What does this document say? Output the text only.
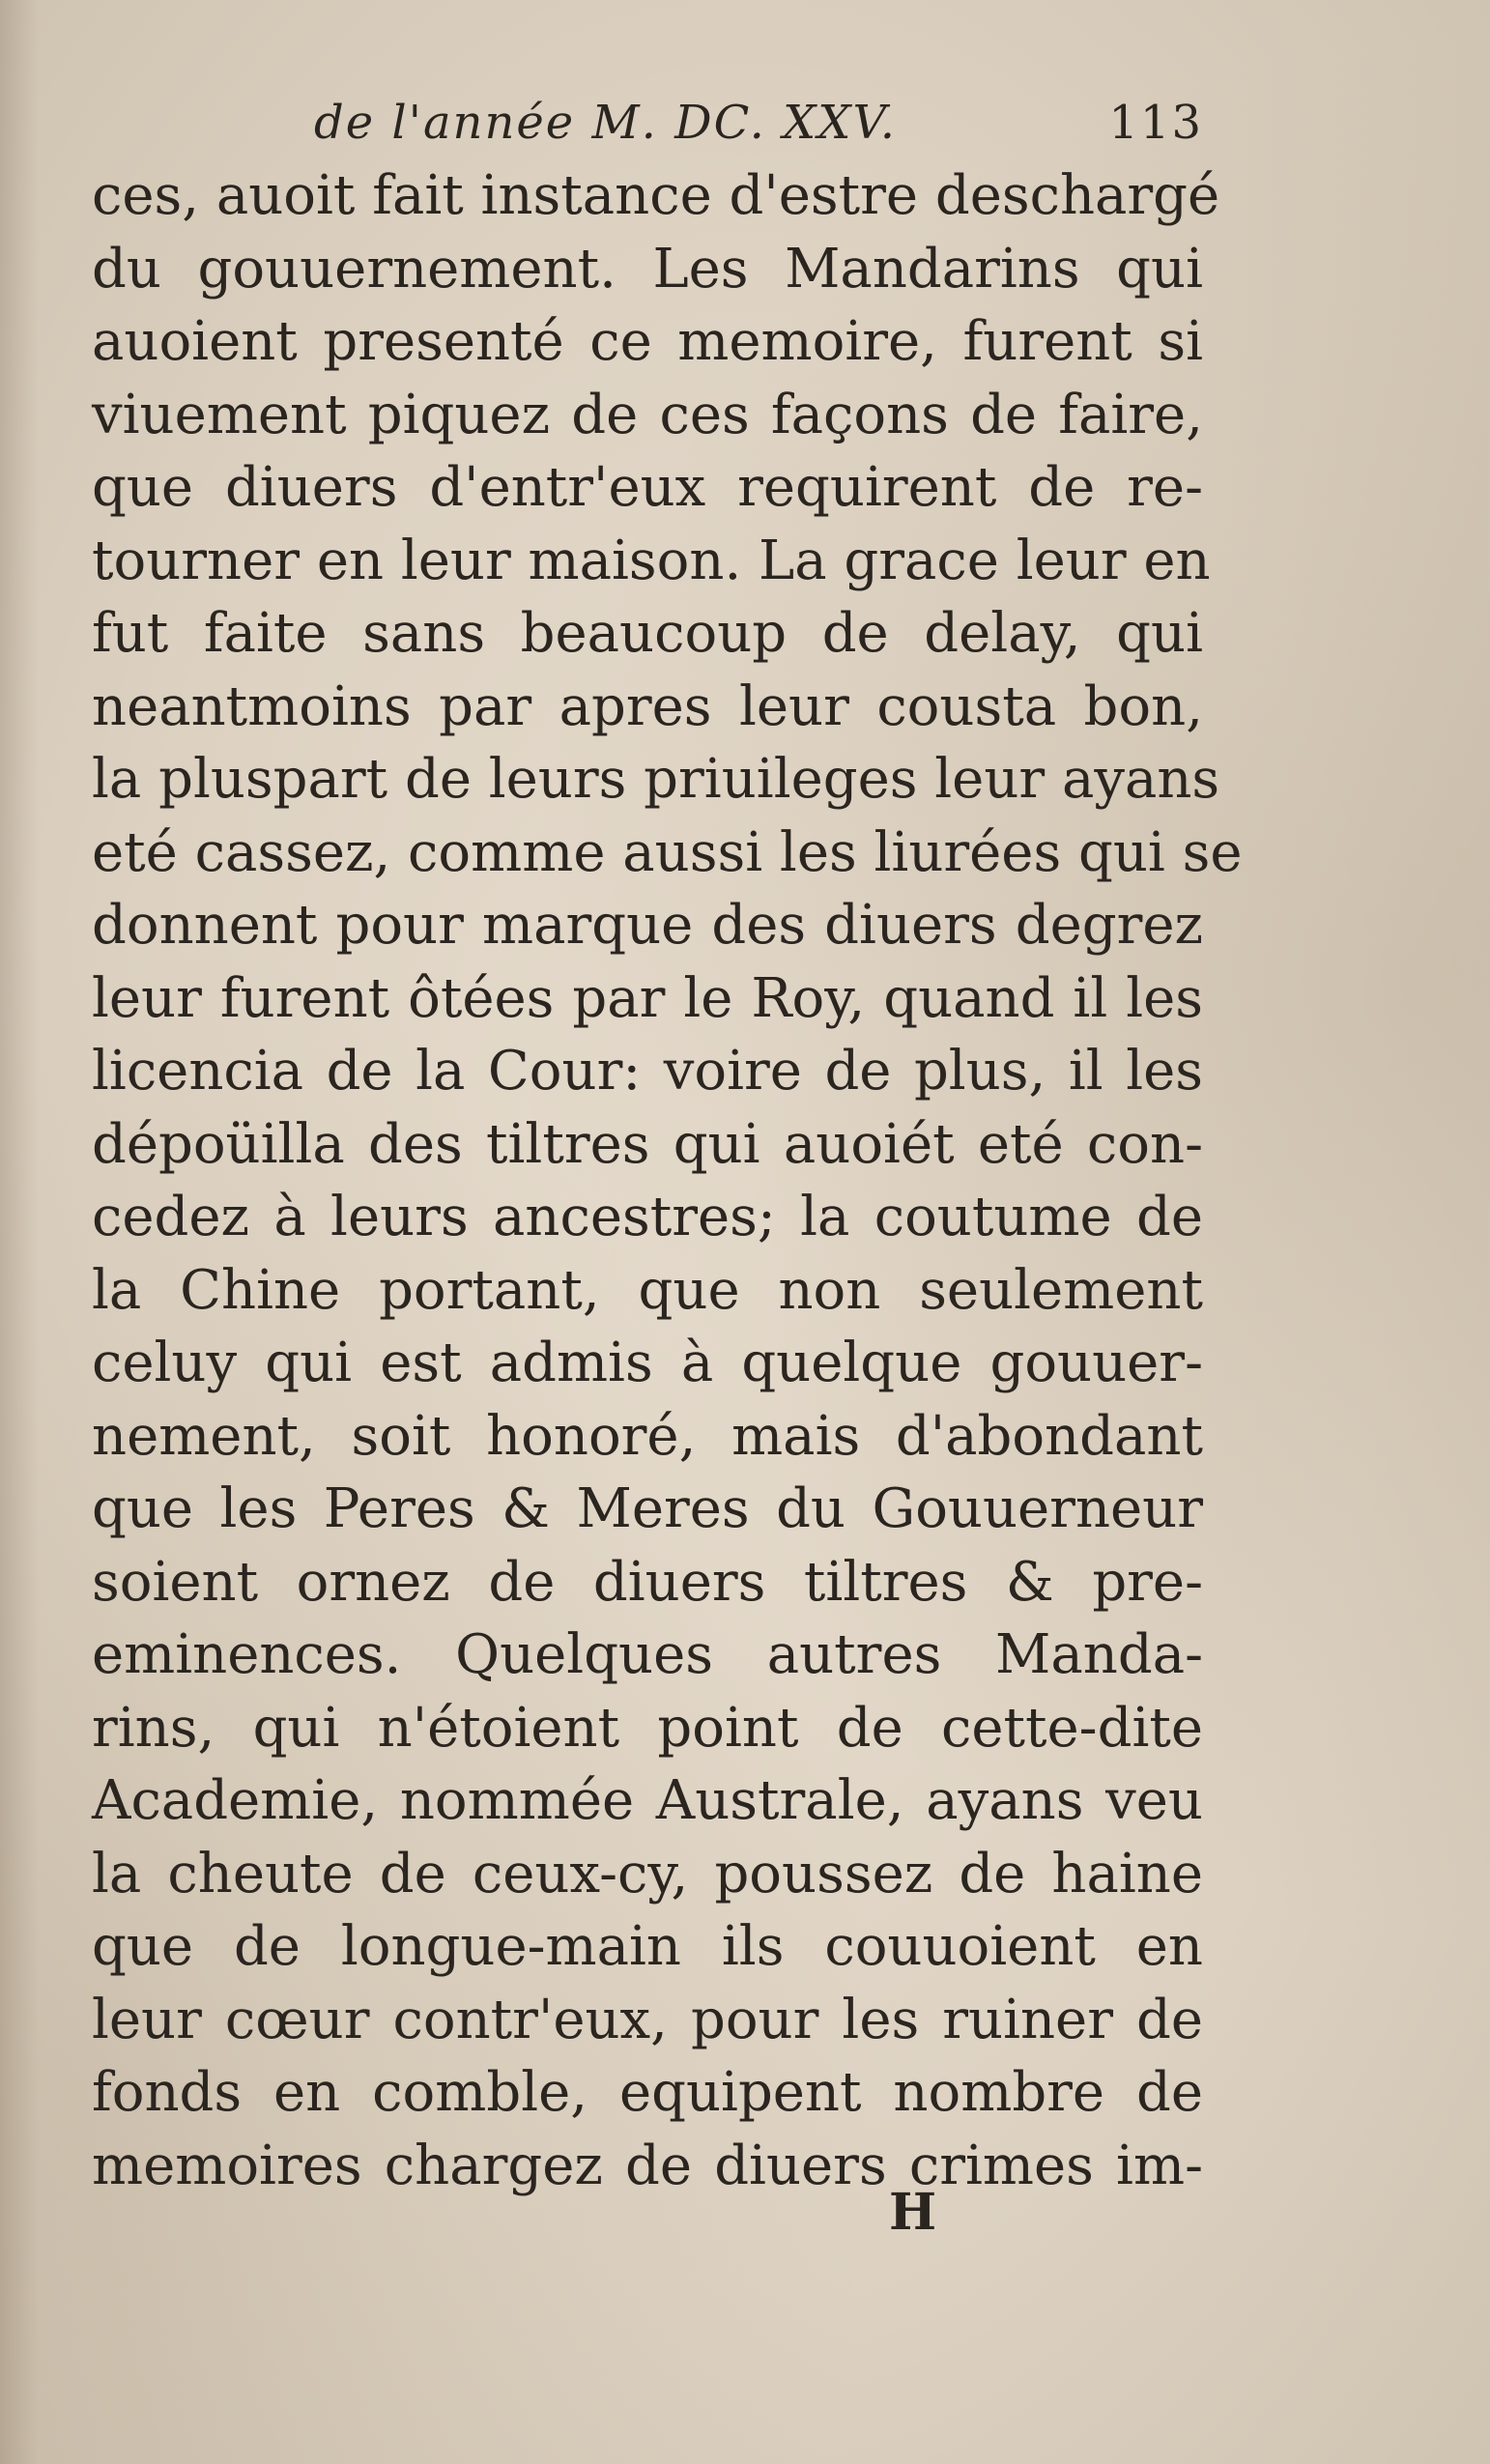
de l'année M. DC. XXV.	113
ces, auoit fait instance d'estre deschargé
du gouuernement. Les Mandarins qui
auoient presenté ce memoire, furent si
viuement piquez de ces façons de faire,
que diuers d'entr'eux requirent de re-
tourner en leur maison. La grace leur en
fut faite sans beaucoup de delay, qui
neantmoins par apres leur cousta bon,
la pluspart de leurs priuileges leur ayans
eté cassez, comme aussi les liurées qui se
donnent pour marque des diuers degrez
leur furent ôtées par le Roy, quand il les
licencia de la Cour: voire de plus, il les
dépoüilla des tiltres qui auoiét eté con-
cedez à leurs ancestres; la coutume de
la Chine portant, que non seulement
celuy qui est admis à quelque gouuer-
nement, soit honoré, mais d'abondant
que les Peres & Meres du Gouuerneur
soient ornez de diuers tiltres & pre-
eminences. Quelques autres Manda-
rins, qui n'étoient point de cette-dite
Academie, nommée Australe, ayans veu
la cheute de ceux-cy, poussez de haine
que de longue-main ils couuoient en
leur cœur contr'eux, pour les ruiner de
fonds en comble, equipent nombre de
memoires chargez de diuers crimes im-
H
